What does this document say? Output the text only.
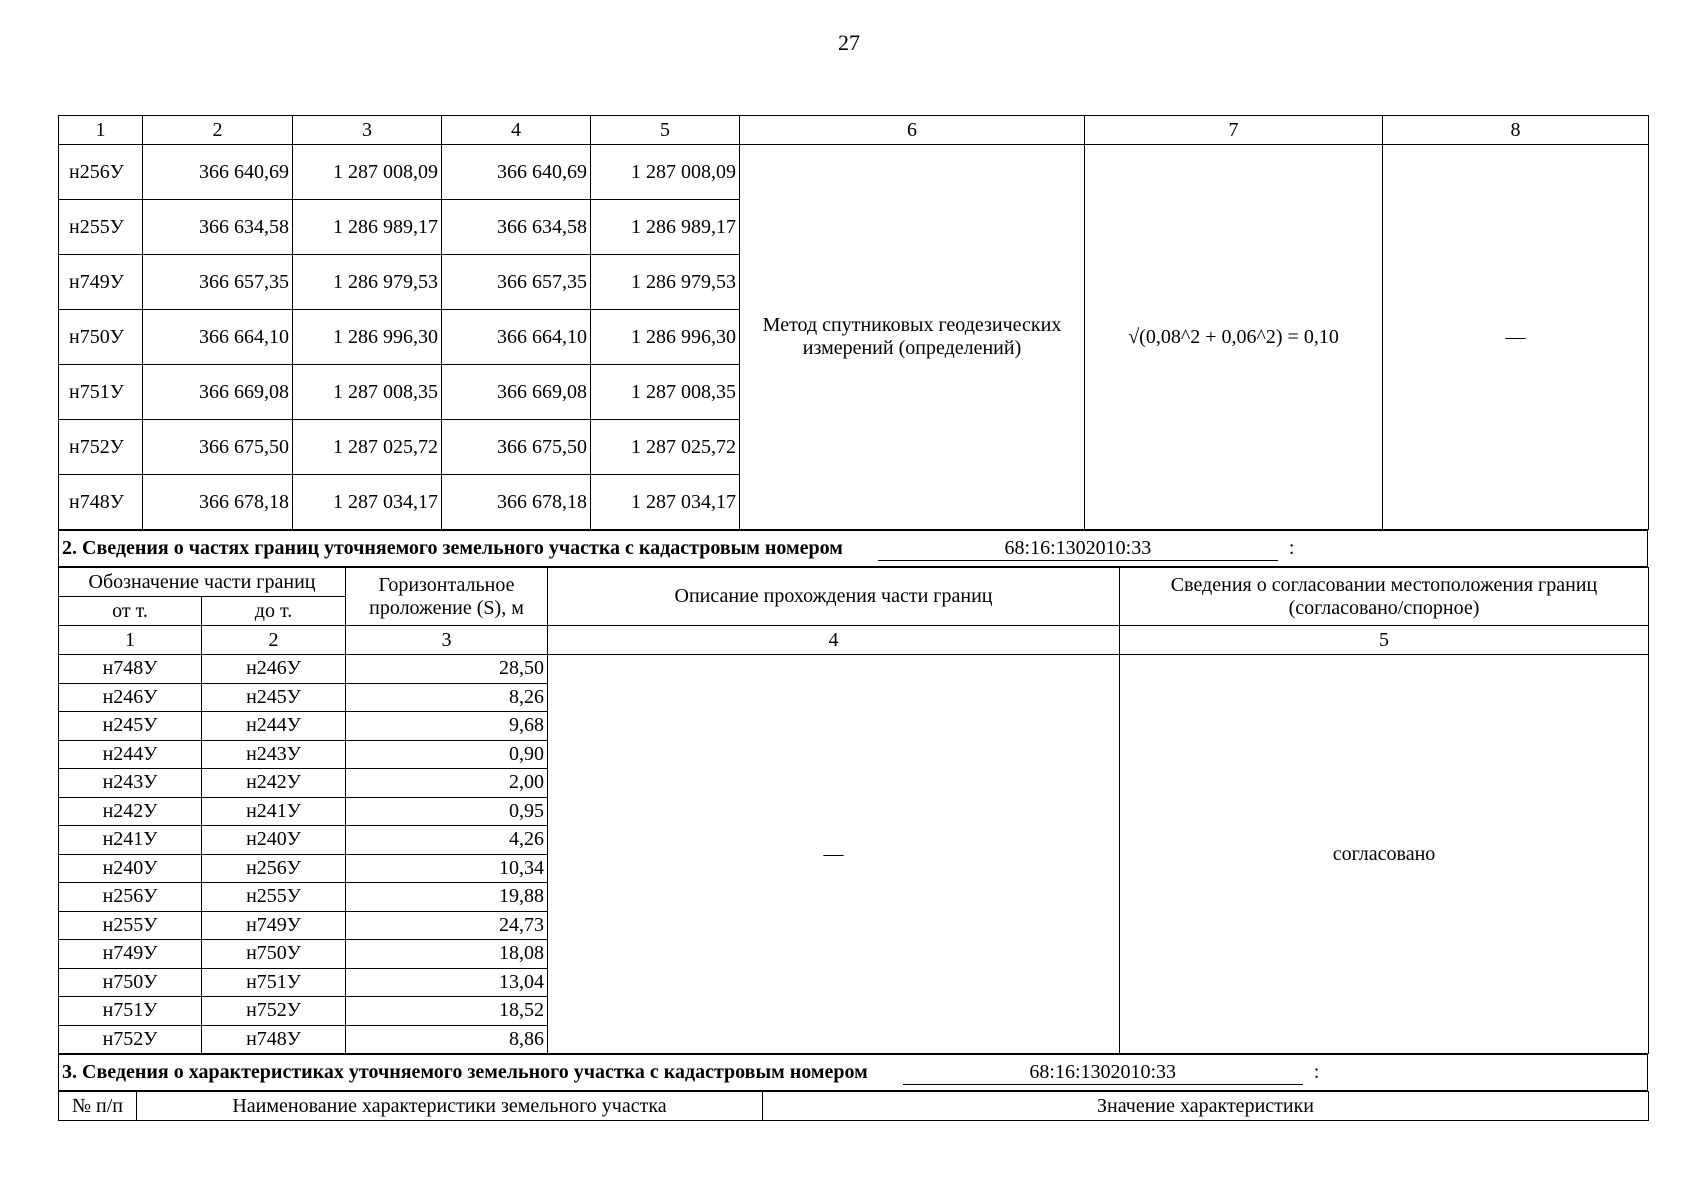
27
1	2	3	4	5	6	7	8
н256У	366 640,69	1 287 008,09	366 640,69	1 287 008,09	Метод спутниковых геодезических измерений (определений)	√(0,08^2 + 0,06^2) = 0,10	—
н255У	366 634,58	1 286 989,17	366 634,58	1 286 989,17			
н749У	366 657,35	1 286 979,53	366 657,35	1 286 979,53			
н750У	366 664,10	1 286 996,30	366 664,10	1 286 996,30			
н751У	366 669,08	1 287 008,35	366 669,08	1 287 008,35			
н752У	366 675,50	1 287 025,72	366 675,50	1 287 025,72			
н748У	366 678,18	1 287 034,17	366 678,18	1 287 034,17			
2. Сведения о частях границ уточняемого земельного участка с кадастровым номером	68:16:1302010:33	:
Обозначение части границ		Горизонтальное проложение (S), м	Описание прохождения части границ	Сведения о согласовании местоположения границ (согласовано/спорное)
от т.	до т.			
1	2	3	4	5
н748У	н246У	28,50	—	согласовано
н246У	н245У	8,26		
н245У	н244У	9,68		
н244У	н243У	0,90		
н243У	н242У	2,00		
н242У	н241У	0,95		
н241У	н240У	4,26		
н240У	н256У	10,34		
н256У	н255У	19,88		
н255У	н749У	24,73		
н749У	н750У	18,08		
н750У	н751У	13,04		
н751У	н752У	18,52		
н752У	н748У	8,86		
3. Сведения о характеристиках уточняемого земельного участка с кадастровым номером	68:16:1302010:33	:
№ п/п	Наименование характеристики земельного участка	Значение характеристики
